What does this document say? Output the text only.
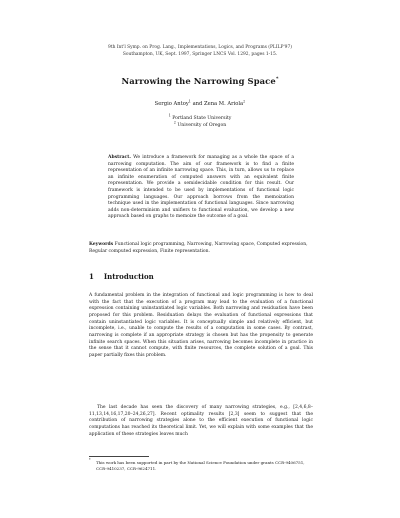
9th Int'l Symp. on Prog. Lang., Implementations, Logics, and Programs (PLILP'97)
Southampton, UK, Sept. 1997, Springer LNCS Vol. 1292, pages 1-15.
Narrowing the Narrowing Space*
Sergio Antoy$^1$ and Zena M. Ariola$^2$
$^1$ Portland State University
$^2$ University of Oregon
Abstract. We introduce a framework for managing as a whole the space of a narrowing computation. The aim of our framework is to find a finite representation of an infinite narrowing space. This, in turn, allows us to replace an infinite enumeration of computed answers with an equivalent finite representation. We provide a semidecidable condition for this result. Our framework is intended to be used by implementations of functional logic programming languages. Our approach borrows from the memoization technique used in the implementation of functional languages. Since narrowing adds non-determinism and unifiers to functional evaluation, we develop a new approach based on graphs to memoize the outcome of a goal.
Keywords Functional logic programming, Narrowing, Narrowing space, Computed expression, Regular computed expression, Finite representation.
1 Introduction
A fundamental problem in the integration of functional and logic programming is how to deal with the fact that the execution of a program may lead to the evaluation of a functional expression containing uninstantiated logic variables. Both narrowing and residuation have been proposed for this problem. Residuation delays the evaluation of functional expressions that contain uninstantiated logic variables. It is conceptually simple and relatively efficient, but incomplete, i.e., unable to compute the results of a computation in some cases. By contrast, narrowing is complete if an appropriate strategy is chosen but has the propensity to generate infinite search spaces. When this situation arises, narrowing becomes incomplete in practice in the sense that it cannot compute, with finite resources, the complete solution of a goal. This paper partially fixes this problem.
The last decade has seen the discovery of many narrowing strategies, e.g., [2,4,6,8–11,13,14,16,17,20–24,26,27]. Recent optimality results [2,3] seem to suggest that the contribution of narrowing strategies alone to the efficient execution of functional logic computations has reached its theoretical limit. Yet, we will explain with some examples that the application of these strategies leaves much
*	This work has been supported in part by the National Science Foundation under grants CCR-9406751, CCR-9410237, CCR-9624711.
